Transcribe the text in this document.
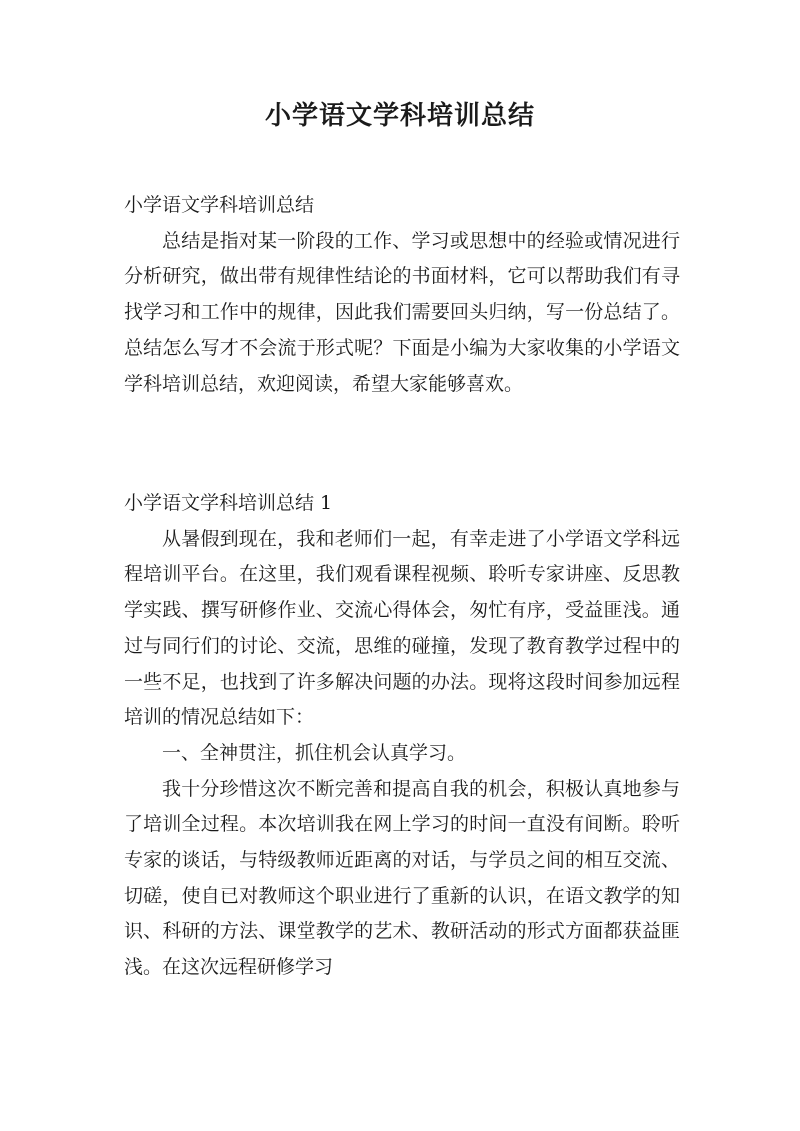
小学语文学科培训总结

小学语文学科培训总结

总结是指对某一阶段的工作、学习或思想中的经验或情况进行分析研究，做出带有规律性结论的书面材料，它可以帮助我们有寻找学习和工作中的规律，因此我们需要回头归纳，写一份总结了。总结怎么写才不会流于形式呢？下面是小编为大家收集的小学语文学科培训总结，欢迎阅读，希望大家能够喜欢。

小学语文学科培训总结 1

从暑假到现在，我和老师们一起，有幸走进了小学语文学科远程培训平台。在这里，我们观看课程视频、聆听专家讲座、反思教学实践、撰写研修作业、交流心得体会，匆忙有序，受益匪浅。通过与同行们的讨论、交流，思维的碰撞，发现了教育教学过程中的一些不足，也找到了许多解决问题的办法。现将这段时间参加远程培训的情况总结如下：

一、全神贯注，抓住机会认真学习。

我十分珍惜这次不断完善和提高自我的机会，积极认真地参与了培训全过程。本次培训我在网上学习的时间一直没有间断。聆听专家的谈话，与特级教师近距离的对话，与学员之间的相互交流、切磋，使自已对教师这个职业进行了重新的认识，在语文教学的知识、科研的方法、课堂教学的艺术、教研活动的形式方面都获益匪浅。在这次远程研修学习
